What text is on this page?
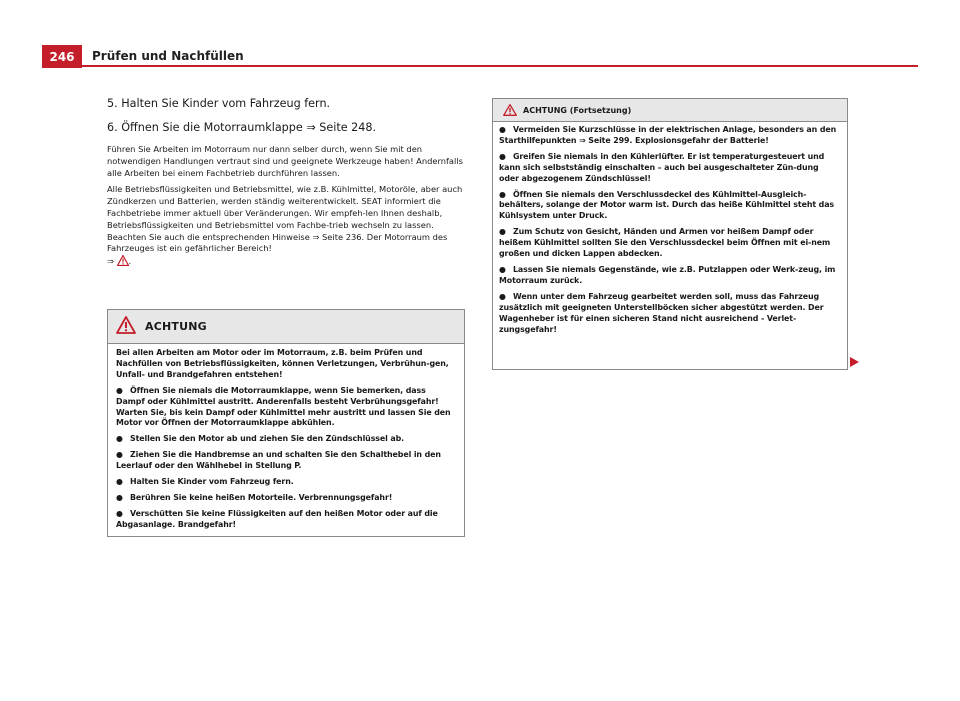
246	Prüfen und Nachfüllen

5. Halten Sie Kinder vom Fahrzeug fern.

6. Öffnen Sie die Motorraumklappe ⇒ Seite 248.

Führen Sie Arbeiten im Motorraum nur dann selber durch, wenn Sie mit den notwendigen Handlungen vertraut sind und geeignete Werkzeuge haben! Andernfalls alle Arbeiten bei einem Fachbetrieb durchführen lassen.

Alle Betriebsflüssigkeiten und Betriebsmittel, wie z.B. Kühlmittel, Motoröle, aber auch Zündkerzen und Batterien, werden ständig weiterentwickelt. SEAT informiert die Fachbetriebe immer aktuell über Veränderungen. Wir empfeh-len Ihnen deshalb, Betriebsflüssigkeiten und Betriebsmittel vom Fachbe-trieb wechseln zu lassen. Beachten Sie auch die entsprechenden Hinweise ⇒ Seite 236. Der Motorraum des Fahrzeuges ist ein gefährlicher Bereich!
⇒ .

ACHTUNG

Bei allen Arbeiten am Motor oder im Motorraum, z.B. beim Prüfen und Nachfüllen von Betriebsflüssigkeiten, können Verletzungen, Verbrühun-gen, Unfall- und Brandgefahren entstehen!

● Öffnen Sie niemals die Motorraumklappe, wenn Sie bemerken, dass Dampf oder Kühlmittel austritt. Anderenfalls besteht Verbrühungsgefahr! Warten Sie, bis kein Dampf oder Kühlmittel mehr austritt und lassen Sie den Motor vor Öffnen der Motorraumklappe abkühlen.

● Stellen Sie den Motor ab und ziehen Sie den Zündschlüssel ab.

● Ziehen Sie die Handbremse an und schalten Sie den Schalthebel in den Leerlauf oder den Wählhebel in Stellung P.

● Halten Sie Kinder vom Fahrzeug fern.

● Berühren Sie keine heißen Motorteile. Verbrennungsgefahr!

● Verschütten Sie keine Flüssigkeiten auf den heißen Motor oder auf die Abgasanlage. Brandgefahr!

ACHTUNG (Fortsetzung)

● Vermeiden Sie Kurzschlüsse in der elektrischen Anlage, besonders an den Starthilfepunkten ⇒ Seite 299. Explosionsgefahr der Batterie!

● Greifen Sie niemals in den Kühlerlüfter. Er ist temperaturgesteuert und kann sich selbstständig einschalten – auch bei ausgeschalteter Zün-dung oder abgezogenem Zündschlüssel!

● Öffnen Sie niemals den Verschlussdeckel des Kühlmittel-Ausgleich-behälters, solange der Motor warm ist. Durch das heiße Kühlmittel steht das Kühlsystem unter Druck.

● Zum Schutz von Gesicht, Händen und Armen vor heißem Dampf oder heißem Kühlmittel sollten Sie den Verschlussdeckel beim Öffnen mit ei-nem großen und dicken Lappen abdecken.

● Lassen Sie niemals Gegenstände, wie z.B. Putzlappen oder Werk-zeug, im Motorraum zurück.

● Wenn unter dem Fahrzeug gearbeitet werden soll, muss das Fahrzeug zusätzlich mit geeigneten Unterstellböcken sicher abgestützt werden. Der Wagenheber ist für einen sicheren Stand nicht ausreichend - Verlet-zungsgefahr!
